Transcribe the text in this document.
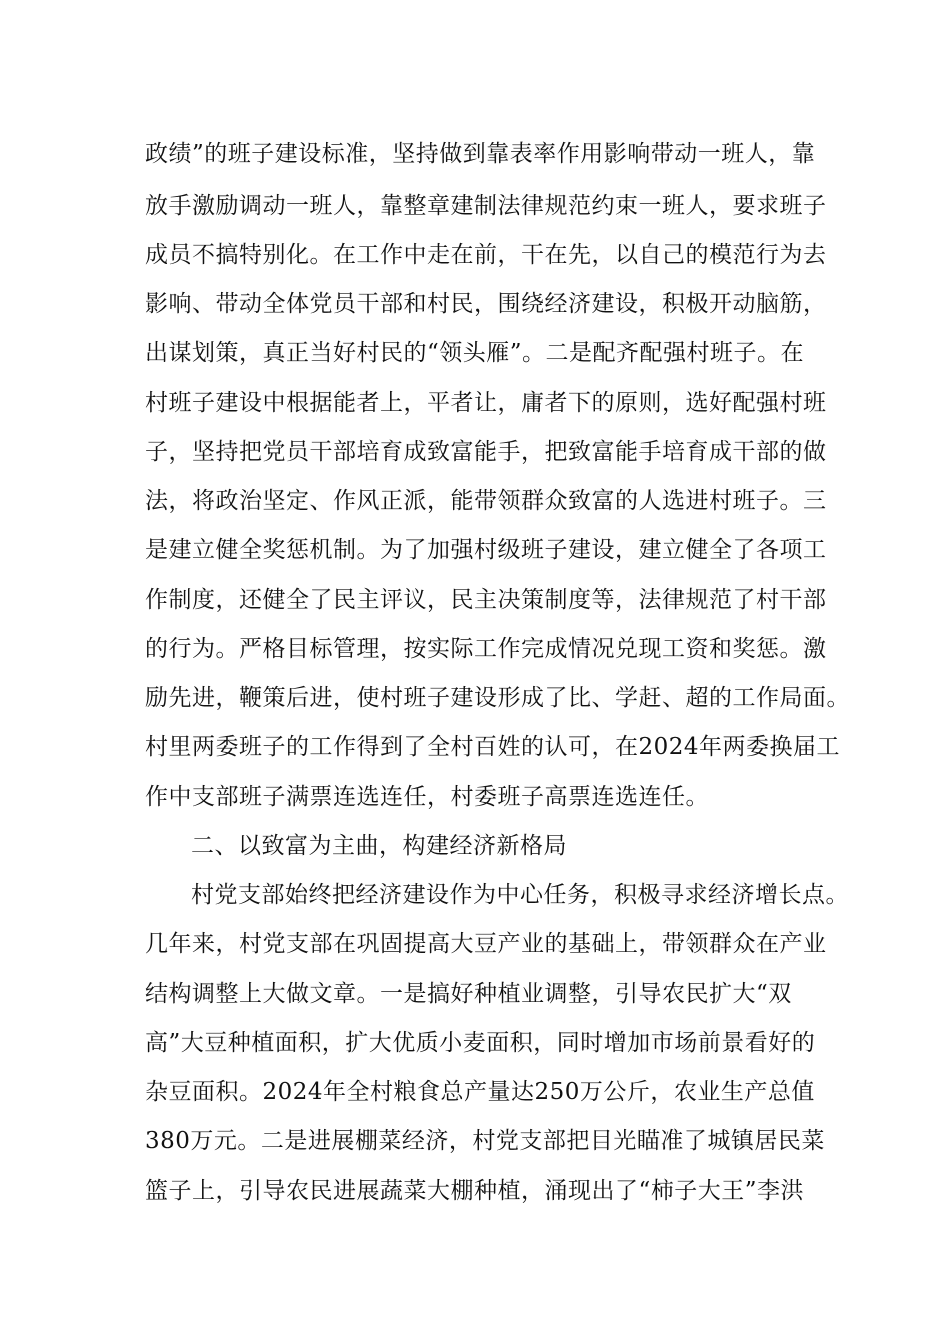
政绩”的班子建设标准，坚持做到靠表率作用影响带动一班人，靠
放手激励调动一班人，靠整章建制法律规范约束一班人，要求班子
成员不搞特别化。在工作中走在前，干在先，以自己的模范行为去
影响、带动全体党员干部和村民，围绕经济建设，积极开动脑筋，
出谋划策，真正当好村民的“领头雁”。二是配齐配强村班子。在
村班子建设中根据能者上，平者让，庸者下的原则，选好配强村班
子，坚持把党员干部培育成致富能手，把致富能手培育成干部的做
法，将政治坚定、作风正派，能带领群众致富的人选进村班子。三
是建立健全奖惩机制。为了加强村级班子建设，建立健全了各项工
作制度，还健全了民主评议，民主决策制度等，法律规范了村干部
的行为。严格目标管理，按实际工作完成情况兑现工资和奖惩。激
励先进，鞭策后进，使村班子建设形成了比、学赶、超的工作局面。
村里两委班子的工作得到了全村百姓的认可，在2024年两委换届工
作中支部班子满票连选连任，村委班子高票连选连任。
二、以致富为主曲，构建经济新格局
村党支部始终把经济建设作为中心任务，积极寻求经济增长点。
几年来，村党支部在巩固提高大豆产业的基础上，带领群众在产业
结构调整上大做文章。一是搞好种植业调整，引导农民扩大“双
高”大豆种植面积，扩大优质小麦面积，同时增加市场前景看好的
杂豆面积。2024年全村粮食总产量达250万公斤，农业生产总值
380万元。二是进展棚菜经济，村党支部把目光瞄准了城镇居民菜
篮子上，引导农民进展蔬菜大棚种植，涌现出了“柿子大王”李洪
